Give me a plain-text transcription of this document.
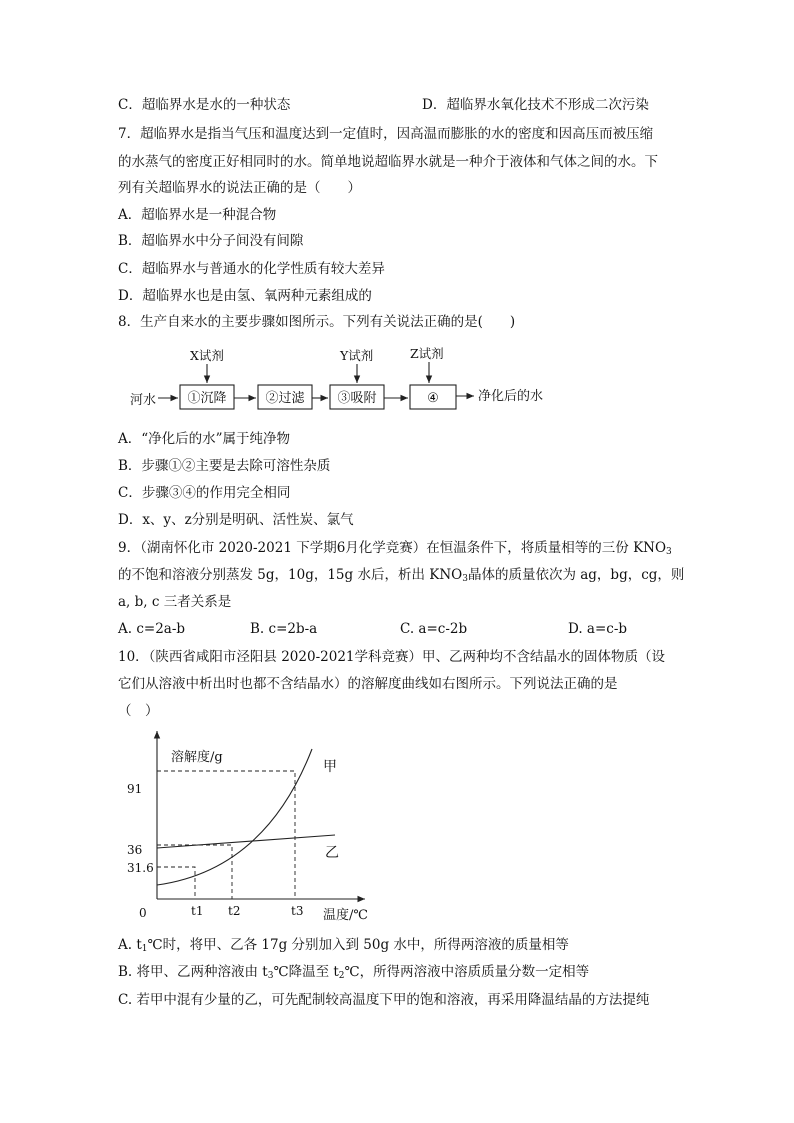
C．超临界水是水的一种状态	D．超临界水氧化技术不形成二次污染
7．超临界水是指当气压和温度达到一定值时，因高温而膨胀的水的密度和因高压而被压缩
的水蒸气的密度正好相同时的水。简单地说超临界水就是一种介于液体和气体之间的水。下
列有关超临界水的说法正确的是（　　）
A．超临界水是一种混合物
B．超临界水中分子间没有间隙
C．超临界水与普通水的化学性质有较大差异
D．超临界水也是由氢、氧两种元素组成的
8．生产自来水的主要步骤如图所示。下列有关说法正确的是(　　)
河水 ①沉降
X试剂
②过滤	③吸附
Y试剂
④
Z试剂
净化后的水
A．“净化后的水”属于纯净物
B．步骤①②主要是去除可溶性杂质
C．步骤③④的作用完全相同
D．x、y、z分别是明矾、活性炭、氯气
9．（湖南怀化市 2020-2021 下学期6月化学竞赛）在恒温条件下，将质量相等的三份 $KNO_3$
的不饱和溶液分别蒸发 5g，10g，15g 水后，析出 $KNO_3$晶体的质量依次为 ag，bg，cg，则
a, b, c 三者关系是
A. c=2a-b	B. c=2b-a	C. a=c-2b	D. a=c-b
10．（陕西省咸阳市泾阳县 2020-2021学科竞赛）甲、乙两种均不含结晶水的固体物质（设
它们从溶液中析出时也都不含结晶水）的溶解度曲线如右图所示。下列说法正确的是
（　）
溶解度/g
温度/℃
0
91
36
31.6
甲
乙
t1 t2	t3
A. $t_1℃$时，将甲、乙各 17g 分别加入到 50g 水中，所得两溶液的质量相等
B. 将甲、乙两种溶液由 $t_3℃$降温至 $t_2℃$，所得两溶液中溶质质量分数一定相等
C. 若甲中混有少量的乙，可先配制较高温度下甲的饱和溶液，再采用降温结晶的方法提纯
